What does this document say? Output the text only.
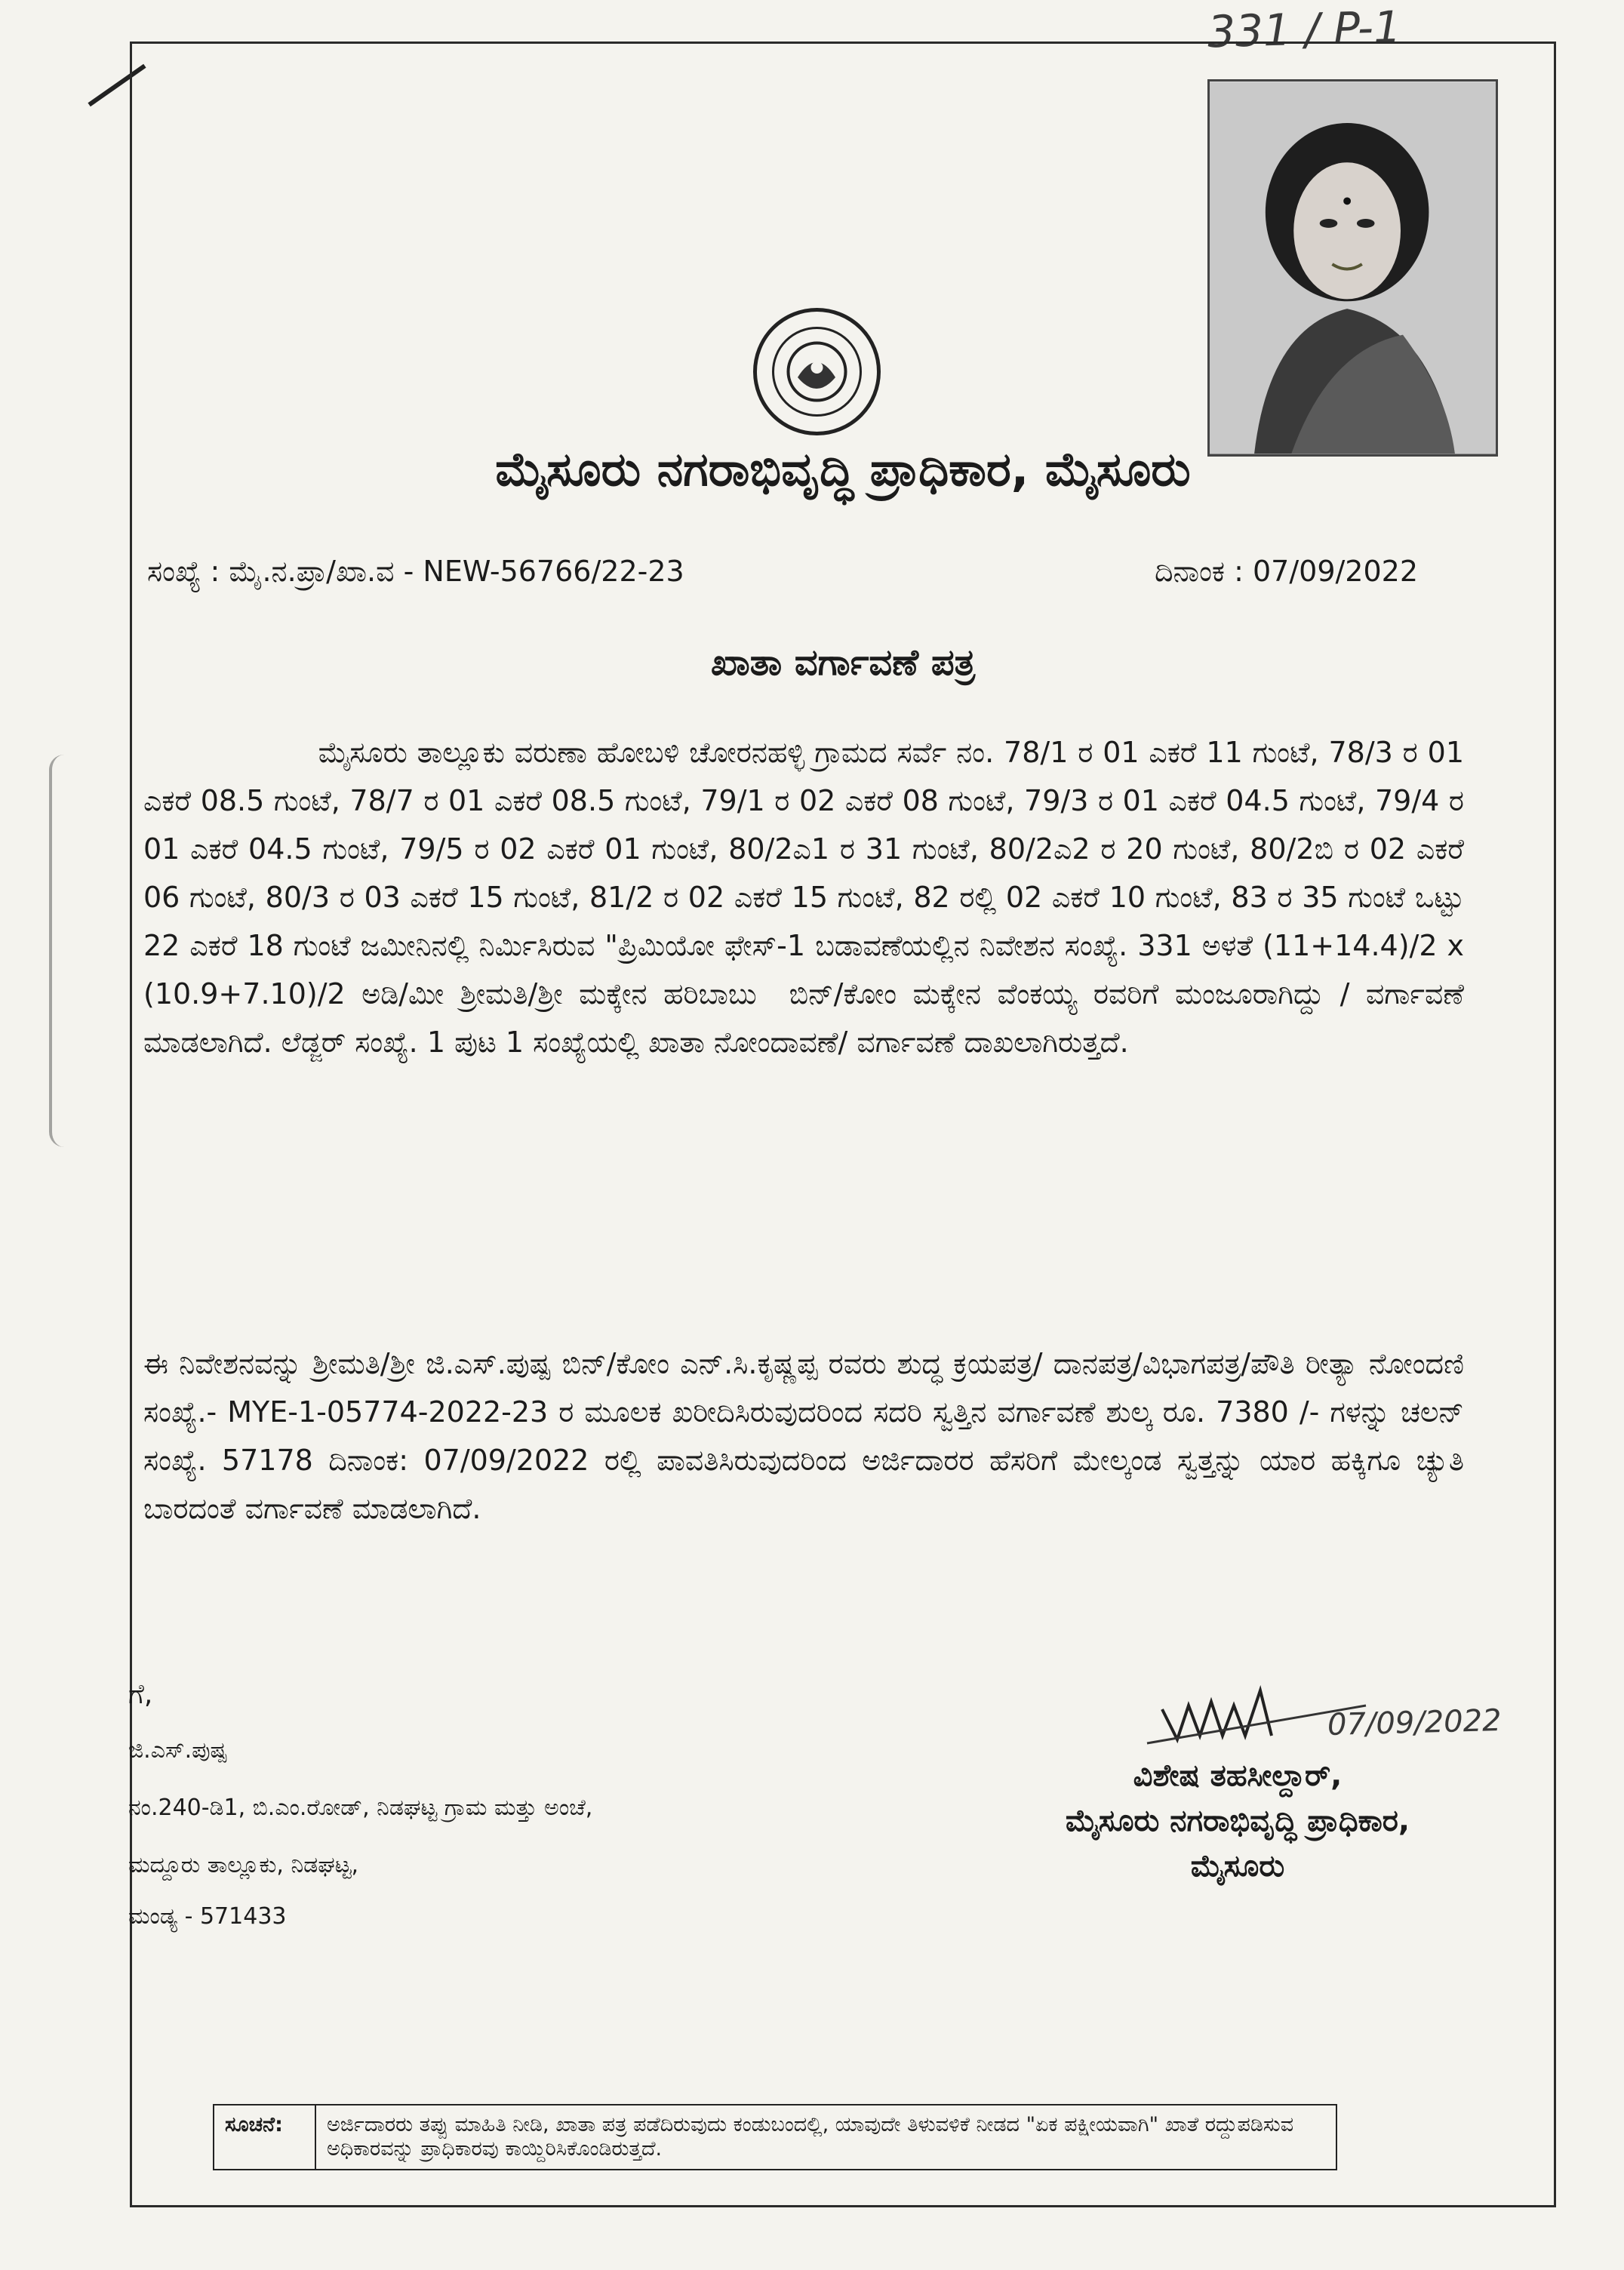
331 / P-1
ಮೈಸೂರು ನಗರಾಭಿವೃದ್ಧಿ ಪ್ರಾಧಿಕಾರ, ಮೈಸೂರು
ಸಂಖ್ಯೆ : ಮೈ.ನ.ಪ್ರಾ/ಖಾ.ವ - NEW-56766/22-23	ದಿನಾಂಕ : 07/09/2022
ಖಾತಾ ವರ್ಗಾವಣೆ ಪತ್ರ
ಮೈಸೂರು ತಾಲ್ಲೂಕು ವರುಣಾ ಹೋಬಳಿ ಚೋರನಹಳ್ಳಿ ಗ್ರಾಮದ ಸರ್ವೆ ನಂ. 78/1 ರ 01 ಎಕರೆ 11 ಗುಂಟೆ, 78/3 ರ 01 ಎಕರೆ 08.5 ಗುಂಟೆ, 78/7 ರ 01 ಎಕರೆ 08.5 ಗುಂಟೆ, 79/1 ರ 02 ಎಕರೆ 08 ಗುಂಟೆ, 79/3 ರ 01 ಎಕರೆ 04.5 ಗುಂಟೆ, 79/4 ರ 01 ಎಕರೆ 04.5 ಗುಂಟೆ, 79/5 ರ 02 ಎಕರೆ 01 ಗುಂಟೆ, 80/2ಎ1 ರ 31 ಗುಂಟೆ, 80/2ಎ2 ರ 20 ಗುಂಟೆ, 80/2ಬಿ ರ 02 ಎಕರೆ 06 ಗುಂಟೆ, 80/3 ರ 03 ಎಕರೆ 15 ಗುಂಟೆ, 81/2 ರ 02 ಎಕರೆ 15 ಗುಂಟೆ, 82 ರಲ್ಲಿ 02 ಎಕರೆ 10 ಗುಂಟೆ, 83 ರ 35 ಗುಂಟೆ ಒಟ್ಟು 22 ಎಕರೆ 18 ಗುಂಟೆ ಜಮೀನಿನಲ್ಲಿ ನಿರ್ಮಿಸಿರುವ "ಪ್ರಿಮಿಯೋ ಫೇಸ್-1 ಬಡಾವಣೆಯಲ್ಲಿನ ನಿವೇಶನ ಸಂಖ್ಯೆ. 331 ಅಳತೆ (11+14.4)/2 x (10.9+7.10)/2 ಅಡಿ/ಮೀ ಶ್ರೀಮತಿ/ಶ್ರೀ ಮಕ್ಕೇನ ಹರಿಬಾಬು  ಬಿನ್/ಕೋಂ ಮಕ್ಕೇನ ವೆಂಕಯ್ಯ ರವರಿಗೆ ಮಂಜೂರಾಗಿದ್ದು / ವರ್ಗಾವಣೆ ಮಾಡಲಾಗಿದೆ. ಲೆಡ್ಜರ್ ಸಂಖ್ಯೆ. 1 ಪುಟ 1 ಸಂಖ್ಯೆಯಲ್ಲಿ ಖಾತಾ ನೋಂದಾವಣೆ/ ವರ್ಗಾವಣೆ ದಾಖಲಾಗಿರುತ್ತದೆ.
ಈ ನಿವೇಶನವನ್ನು ಶ್ರೀಮತಿ/ಶ್ರೀ ಜಿ.ಎಸ್.ಪುಷ್ಪ ಬಿನ್/ಕೋಂ ಎನ್.ಸಿ.ಕೃಷ್ಣಪ್ಪ ರವರು ಶುದ್ಧ ಕ್ರಯಪತ್ರ/ ದಾನಪತ್ರ/ವಿಭಾಗಪತ್ರ/ಪೌತಿ ರೀತ್ಯಾ ನೋಂದಣಿ ಸಂಖ್ಯೆ.- MYE-1-05774-2022-23 ರ ಮೂಲಕ ಖರೀದಿಸಿರುವುದರಿಂದ ಸದರಿ ಸ್ವತ್ತಿನ ವರ್ಗಾವಣೆ ಶುಲ್ಕ ರೂ. 7380 /- ಗಳನ್ನು ಚಲನ್ ಸಂಖ್ಯೆ. 57178 ದಿನಾಂಕ: 07/09/2022 ರಲ್ಲಿ ಪಾವತಿಸಿರುವುದರಿಂದ ಅರ್ಜಿದಾರರ ಹೆಸರಿಗೆ ಮೇಲ್ಕಂಡ ಸ್ವತ್ತನ್ನು ಯಾರ ಹಕ್ಕಿಗೂ ಚ್ಯುತಿ ಬಾರದಂತೆ ವರ್ಗಾವಣೆ ಮಾಡಲಾಗಿದೆ.
ಗೆ,
ಜಿ.ಎಸ್.ಪುಷ್ಪ
ನಂ.240-ಡಿ1, ಬಿ.ಎಂ.ರೋಡ್, ನಿಡಘಟ್ಟ ಗ್ರಾಮ ಮತ್ತು ಅಂಚೆ,
ಮದ್ದೂರು ತಾಲ್ಲೂಕು, ನಿಡಘಟ್ಟ,
ಮಂಡ್ಯ - 571433
07/09/2022
ವಿಶೇಷ ತಹಸೀಲ್ದಾರ್,
ಮೈಸೂರು ನಗರಾಭಿವೃದ್ಧಿ ಪ್ರಾಧಿಕಾರ,
ಮೈಸೂರು
ಸೂಚನೆ:	ಅರ್ಜಿದಾರರು ತಪ್ಪು ಮಾಹಿತಿ ನೀಡಿ, ಖಾತಾ ಪತ್ರ ಪಡೆದಿರುವುದು ಕಂಡುಬಂದಲ್ಲಿ, ಯಾವುದೇ ತಿಳುವಳಿಕೆ ನೀಡದ "ಏಕ ಪಕ್ಷೀಯವಾಗಿ" ಖಾತೆ ರದ್ದುಪಡಿಸುವ ಅಧಿಕಾರವನ್ನು ಪ್ರಾಧಿಕಾರವು ಕಾಯ್ದಿರಿಸಿಕೊಂಡಿರುತ್ತದೆ.
